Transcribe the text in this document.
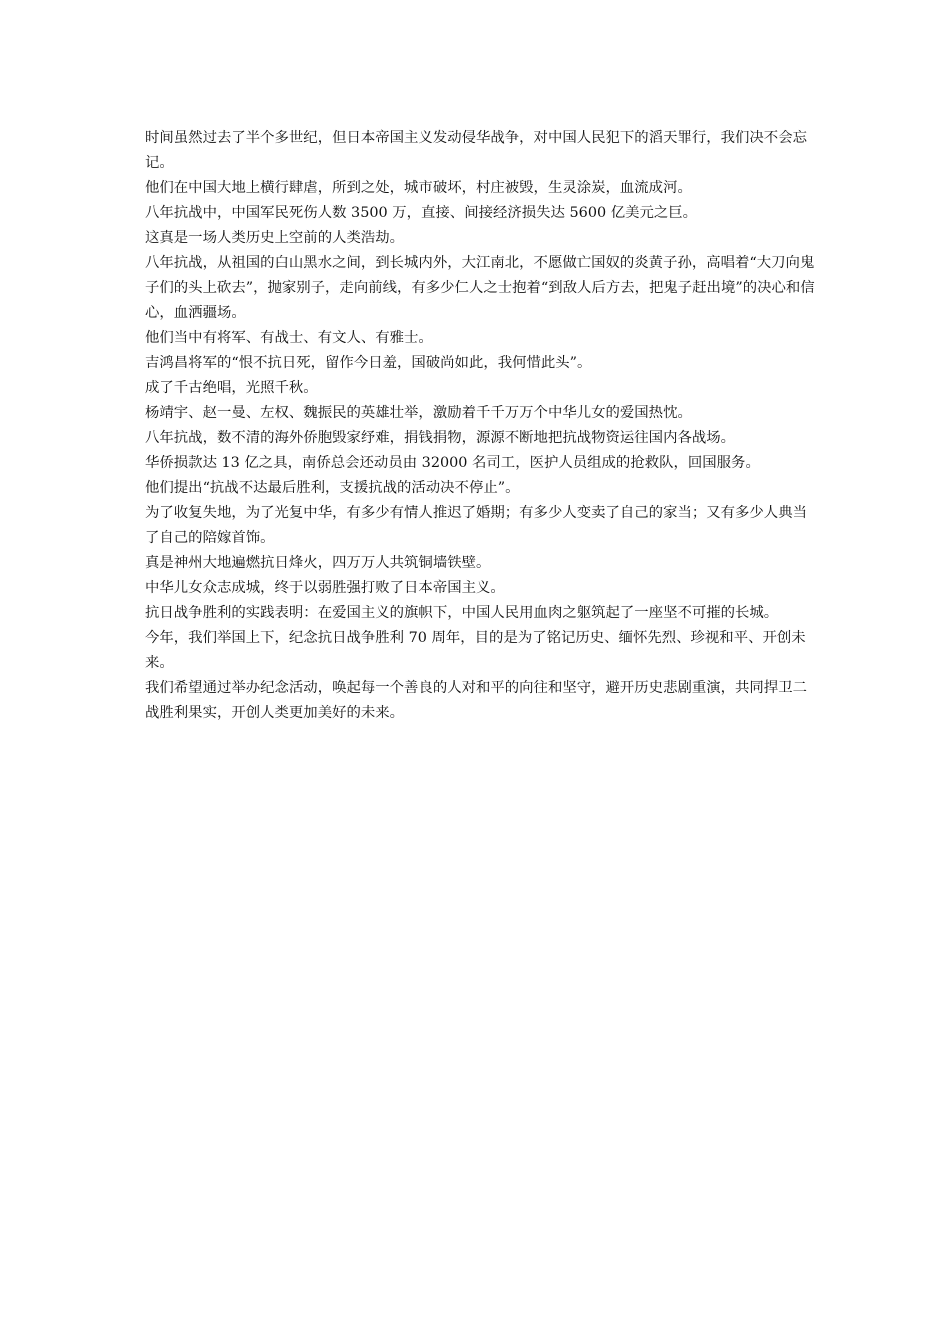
时间虽然过去了半个多世纪，但日本帝国主义发动侵华战争，对中国人民犯下的滔天罪行，我们决不会忘记。

他们在中国大地上横行肆虐，所到之处，城市破坏，村庄被毁，生灵涂炭，血流成河。

八年抗战中，中国军民死伤人数 3500 万，直接、间接经济损失达 5600 亿美元之巨。

这真是一场人类历史上空前的人类浩劫。

八年抗战，从祖国的白山黑水之间，到长城内外，大江南北，不愿做亡国奴的炎黄子孙，高唱着“大刀向鬼子们的头上砍去”，抛家别子，走向前线，有多少仁人之士抱着“到敌人后方去，把鬼子赶出境”的决心和信心，血洒疆场。

他们当中有将军、有战士、有文人、有雅士。

吉鸿昌将军的“恨不抗日死，留作今日羞，国破尚如此，我何惜此头”。

成了千古绝唱，光照千秋。

杨靖宇、赵一曼、左权、魏振民的英雄壮举，激励着千千万万个中华儿女的爱国热忱。

八年抗战，数不清的海外侨胞毁家纾难，捐钱捐物，源源不断地把抗战物资运往国内各战场。

华侨损款达 13 亿之具，南侨总会还动员由 32000 名司工，医护人员组成的抢救队，回国服务。

他们提出“抗战不达最后胜利，支援抗战的活动决不停止”。

为了收复失地，为了光复中华，有多少有情人推迟了婚期；有多少人变卖了自己的家当；又有多少人典当了自己的陪嫁首饰。

真是神州大地遍燃抗日烽火，四万万人共筑铜墙铁壁。

中华儿女众志成城，终于以弱胜强打败了日本帝国主义。

抗日战争胜利的实践表明：在爱国主义的旗帜下，中国人民用血肉之躯筑起了一座坚不可摧的长城。

今年，我们举国上下，纪念抗日战争胜利 70 周年，目的是为了铭记历史、缅怀先烈、珍视和平、开创未来。

我们希望通过举办纪念活动，唤起每一个善良的人对和平的向往和坚守，避开历史悲剧重演，共同捍卫二战胜利果实，开创人类更加美好的未来。
